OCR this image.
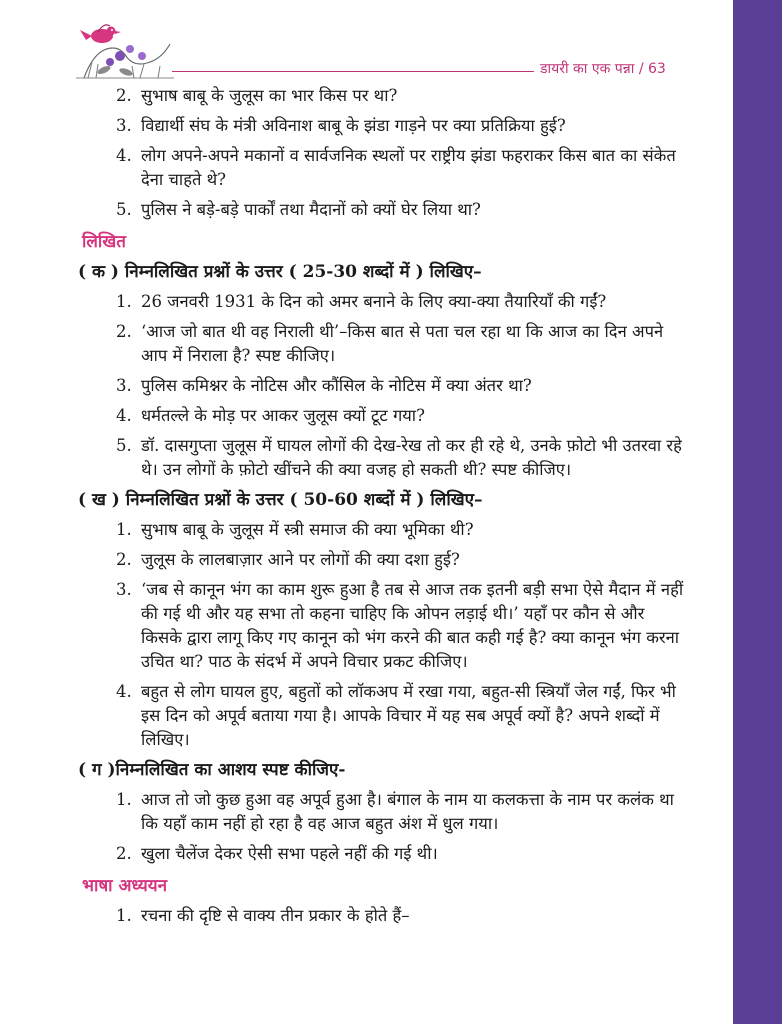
डायरी का एक पन्ना / 63
2. सुभाष बाबू के जुलूस का भार किस पर था?
3. विद्यार्थी संघ के मंत्री अविनाश बाबू के झंडा गाड़ने पर क्या प्रतिक्रिया हुई?
4. लोग अपने-अपने मकानों व सार्वजनिक स्थलों पर राष्ट्रीय झंडा फहराकर किस बात का संकेत देना चाहते थे?
5. पुलिस ने बड़े-बड़े पार्कों तथा मैदानों को क्यों घेर लिया था?
लिखित
( क ) निम्नलिखित प्रश्नों के उत्तर ( 25-30 शब्दों में ) लिखिए–
1. 26 जनवरी 1931 के दिन को अमर बनाने के लिए क्या-क्या तैयारियाँ की गईं?
2. ‘आज जो बात थी वह निराली थी’–किस बात से पता चल रहा था कि आज का दिन अपने आप में निराला है? स्पष्ट कीजिए।
3. पुलिस कमिश्नर के नोटिस और कौंसिल के नोटिस में क्या अंतर था?
4. धर्मतल्ले के मोड़ पर आकर जुलूस क्यों टूट गया?
5. डॉ. दासगुप्ता जुलूस में घायल लोगों की देख-रेख तो कर ही रहे थे, उनके फ़ोटो भी उतरवा रहे थे। उन लोगों के फ़ोटो खींचने की क्या वजह हो सकती थी? स्पष्ट कीजिए।
( ख ) निम्नलिखित प्रश्नों के उत्तर ( 50-60 शब्दों में ) लिखिए–
1. सुभाष बाबू के जुलूस में स्त्री समाज की क्या भूमिका थी?
2. जुलूस के लालबाज़ार आने पर लोगों की क्या दशा हुई?
3. ‘जब से कानून भंग का काम शुरू हुआ है तब से आज तक इतनी बड़ी सभा ऐसे मैदान में नहीं की गई थी और यह सभा तो कहना चाहिए कि ओपन लड़ाई थी।’ यहाँ पर कौन से और किसके द्वारा लागू किए गए कानून को भंग करने की बात कही गई है? क्या कानून भंग करना उचित था? पाठ के संदर्भ में अपने विचार प्रकट कीजिए।
4. बहुत से लोग घायल हुए, बहुतों को लॉकअप में रखा गया, बहुत-सी स्त्रियाँ जेल गईं, फिर भी इस दिन को अपूर्व बताया गया है। आपके विचार में यह सब अपूर्व क्यों है? अपने शब्दों में लिखिए।
( ग )निम्नलिखित का आशय स्पष्ट कीजिए-
1. आज तो जो कुछ हुआ वह अपूर्व हुआ है। बंगाल के नाम या कलकत्ता के नाम पर कलंक था कि यहाँ काम नहीं हो रहा है वह आज बहुत अंश में धुल गया।
2. खुला चैलेंज देकर ऐसी सभा पहले नहीं की गई थी।
भाषा अध्ययन
1. रचना की दृष्टि से वाक्य तीन प्रकार के होते हैं–
